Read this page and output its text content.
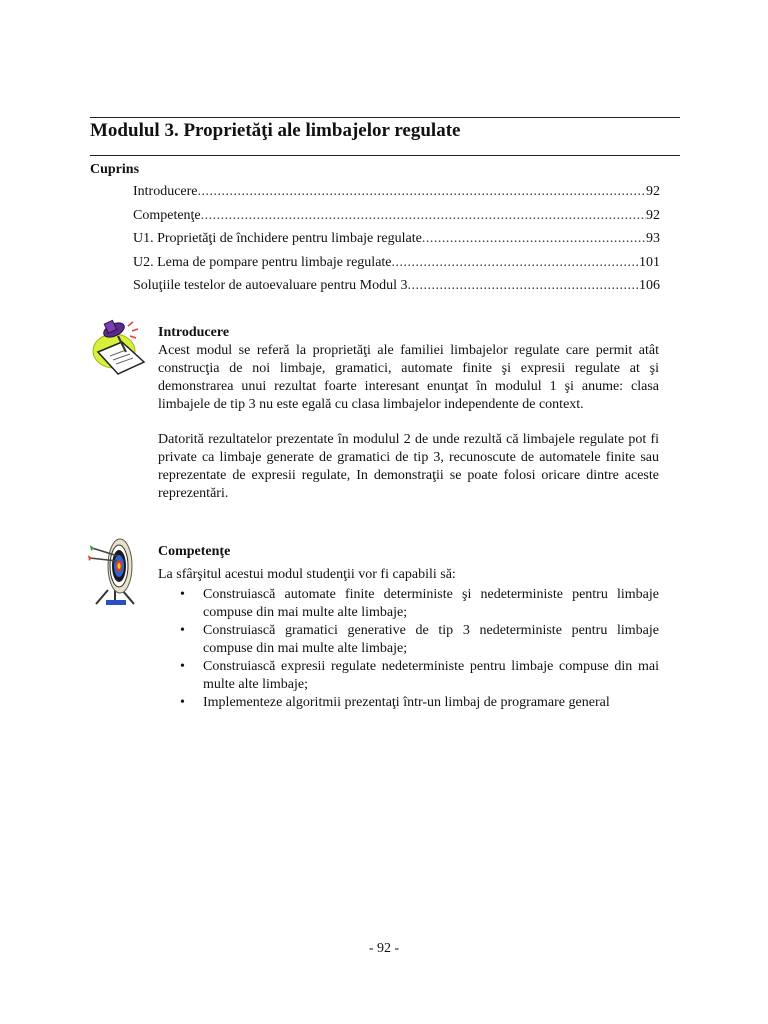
Modulul 3. Proprietăţi ale limbajelor regulate
Cuprins
Introducere .....	92
Competenţe .....	92
U1. Proprietăţi de închidere pentru limbaje regulate .....	93
U2. Lema de pompare pentru limbaje regulate .....	101
Soluţiile testelor de autoevaluare pentru Modul 3 .....	106
Introducere

Acest modul se referă la proprietăţi ale familiei limbajelor regulate care permit atât construcţia de noi limbaje, gramatici, automate finite şi expresii regulate at şi demonstrarea unui rezultat foarte interesant enunţat în modulul 1 şi anume: clasa limbajele de tip 3 nu este egală cu clasa limbajelor independente de context.

Datorită rezultatelor prezentate în modulul 2 de unde rezultă că limbajele regulate pot fi private ca limbaje generate de gramatici de tip 3, recunoscute de automatele finite sau reprezentate de expresii regulate, In demonstraţii se poate folosi oricare dintre aceste reprezentări.

Competenţe

La sfârşitul acestui modul studenţii vor fi capabili să:

• Construiască automate finite deterministe şi nedeterministe pentru limbaje compuse din mai multe alte limbaje;
• Construiască gramatici generative de tip 3 nedeterministe pentru limbaje compuse din mai multe alte limbaje;
• Construiască expresii regulate nedeterministe pentru limbaje compuse din mai multe alte limbaje;
• Implementeze algoritmii prezentaţi într-un limbaj de programare general
- 92 -
